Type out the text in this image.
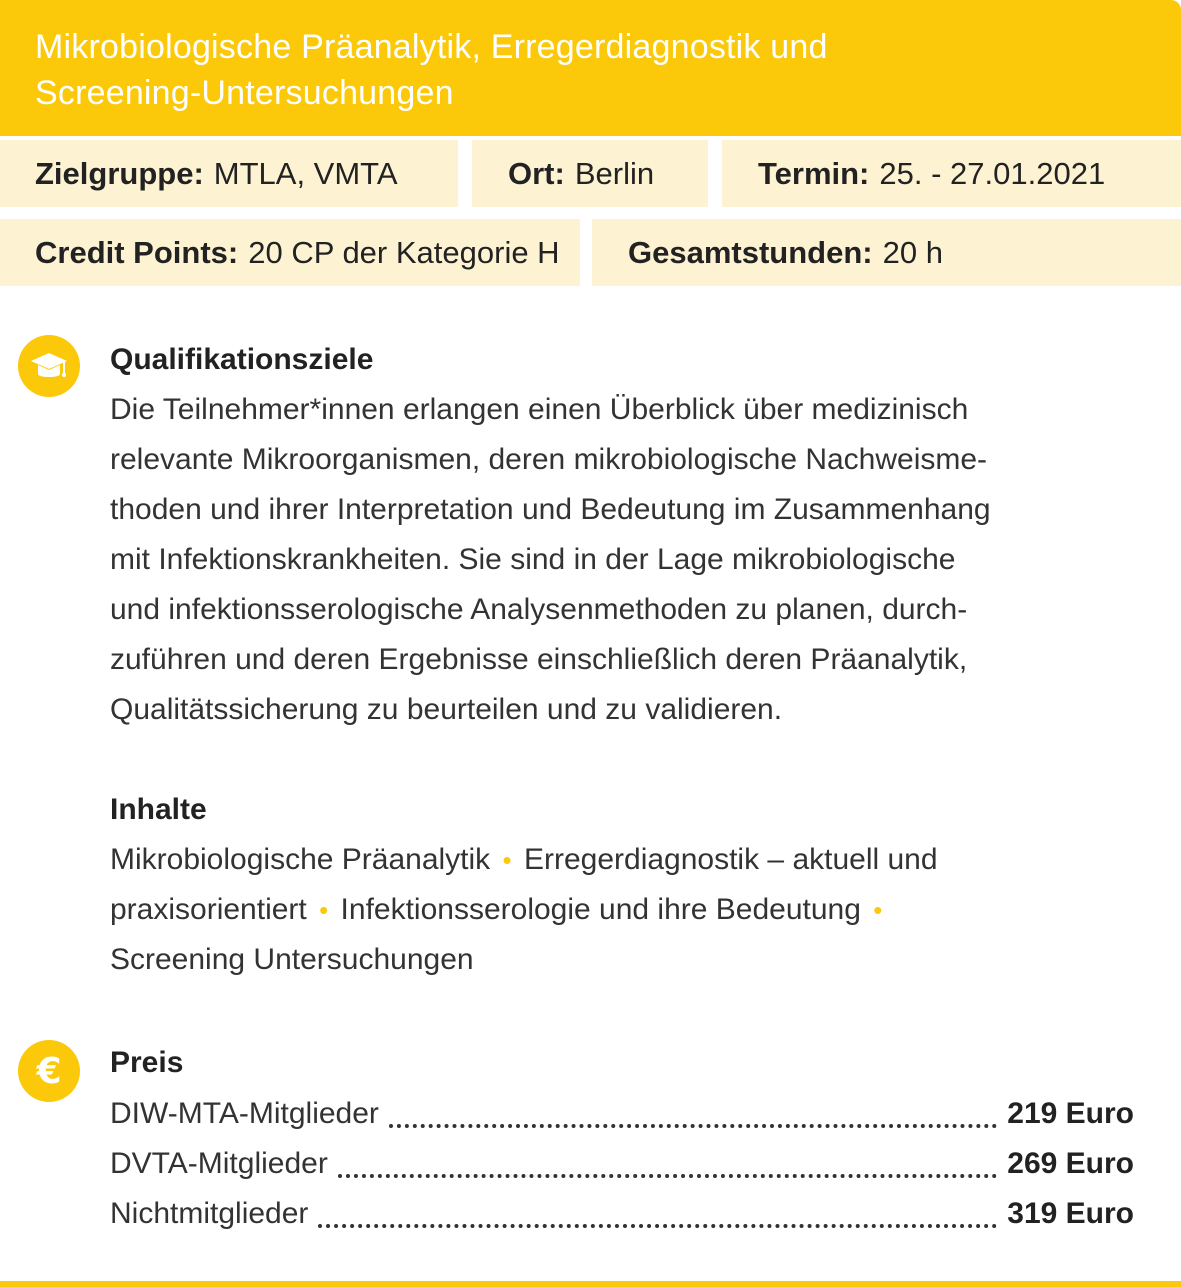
Mikrobiologische Präanalytik, Erregerdiagnostik und
Screening-Untersuchungen
Zielgruppe: MTLA, VMTA	Ort: Berlin	Termin: 25. - 27.01.2021
Credit Points: 20 CP der Kategorie H Gesamtstunden: 20 h
Qualifikationsziele
Die Teilnehmer*innen erlangen einen Überblick über medizinisch
relevante Mikroorganismen, deren mikrobiologische Nachweisme-
thoden und ihrer Interpretation und Bedeutung im Zusammenhang
mit Infektionskrankheiten. Sie sind in der Lage mikrobiologische
und infektionsserologische Analysenmethoden zu planen, durch-
zuführen und deren Ergebnisse einschließlich deren Präanalytik,
Qualitätssicherung zu beurteilen und zu validieren.
Inhalte
Mikrobiologische Präanalytik • Erregerdiagnostik – aktuell und
praxisorientiert • Infektionsserologie und ihre Bedeutung •
Screening Untersuchungen
€ Preis
DIW-MTA-Mitglieder	219 Euro
DVTA-Mitglieder	269 Euro
Nichtmitglieder	319 Euro
